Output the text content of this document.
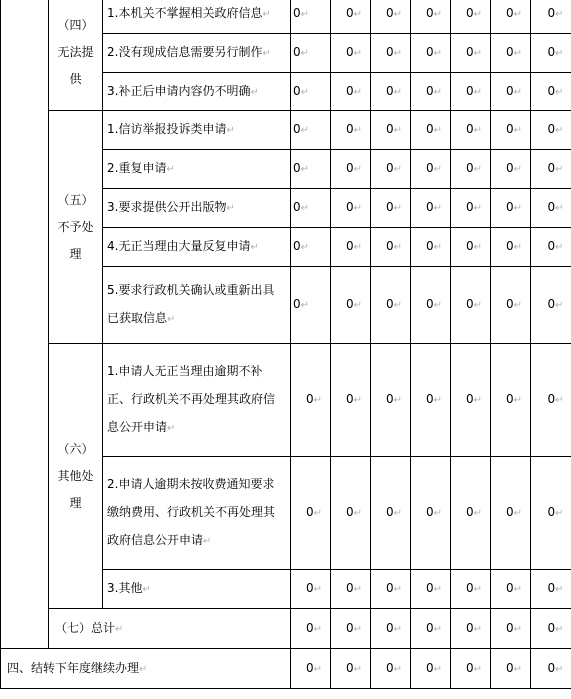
	（四）无法提供	1.本机关不掌握相关政府信息↵	0↵	0↵	0↵	0↵	0↵	0↵	0↵
		2.没有现成信息需要另行制作↵	0↵	0↵	0↵	0↵	0↵	0↵	0↵
		3.补正后申请内容仍不明确↵	0↵	0↵	0↵	0↵	0↵	0↵	0↵
	（五）不予处理	1.信访举报投诉类申请↵	0↵	0↵	0↵	0↵	0↵	0↵	0↵
		2.重复申请↵	0↵	0↵	0↵	0↵	0↵	0↵	0↵
		3.要求提供公开出版物↵	0↵	0↵	0↵	0↵	0↵	0↵	0↵
		4.无正当理由大量反复申请↵	0↵	0↵	0↵	0↵	0↵	0↵	0↵
		5.要求行政机关确认或重新出具已获取信息↵	0↵	0↵	0↵	0↵	0↵	0↵	0↵
	（六）其他处理	1.申请人无正当理由逾期不补正、行政机关不再处理其政府信息公开申请↵	0↵	0↵	0↵	0↵	0↵	0↵	0↵
		2.申请人逾期未按收费通知要求缴纳费用、行政机关不再处理其政府信息公开申请↵	0↵	0↵	0↵	0↵	0↵	0↵	0↵
		3.其他↵	0↵	0↵	0↵	0↵	0↵	0↵	0↵
	（七）总计↵		0↵	0↵	0↵	0↵	0↵	0↵	0↵
四、结转下年度继续办理↵			0↵	0↵	0↵	0↵	0↵	0↵	0↵
